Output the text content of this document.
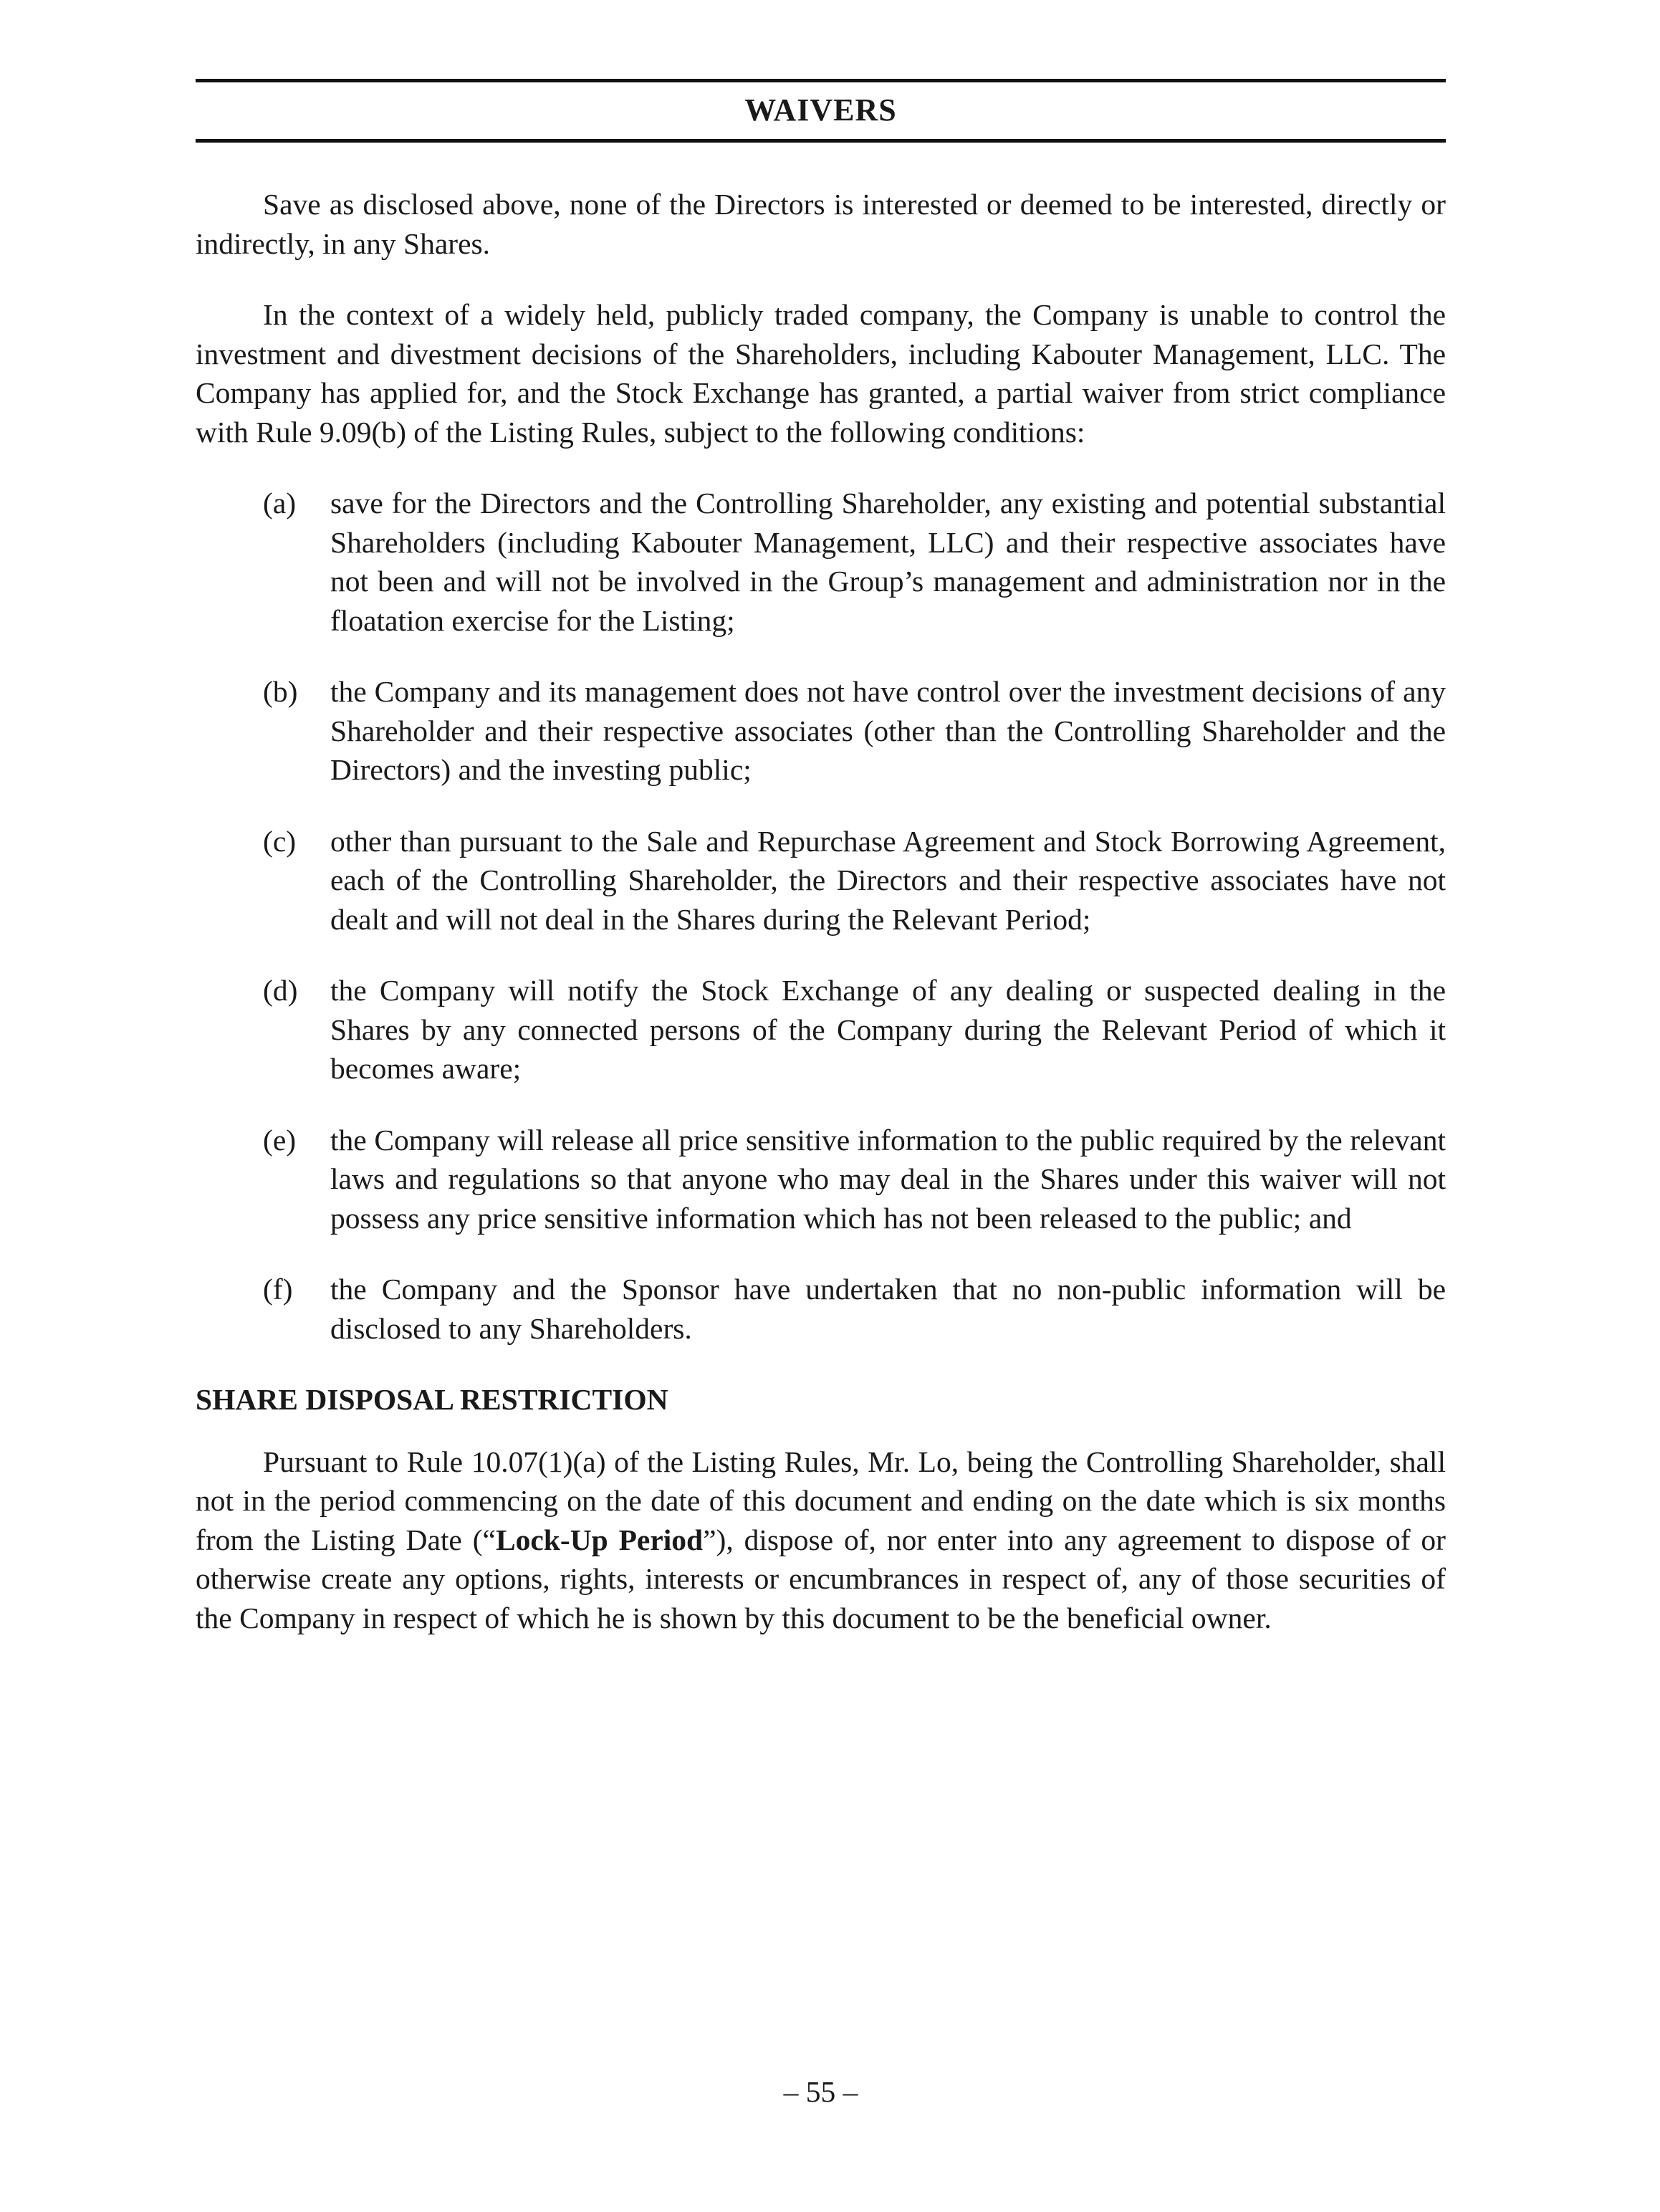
WAIVERS

Save as disclosed above, none of the Directors is interested or deemed to be interested, directly or indirectly, in any Shares.

In the context of a widely held, publicly traded company, the Company is unable to control the investment and divestment decisions of the Shareholders, including Kabouter Management, LLC. The Company has applied for, and the Stock Exchange has granted, a partial waiver from strict compliance with Rule 9.09(b) of the Listing Rules, subject to the following conditions:

(a)	save for the Directors and the Controlling Shareholder, any existing and potential substantial Shareholders (including Kabouter Management, LLC) and their respective associates have not been and will not be involved in the Group’s management and administration nor in the floatation exercise for the Listing;
(b)	the Company and its management does not have control over the investment decisions of any Shareholder and their respective associates (other than the Controlling Shareholder and the Directors) and the investing public;
(c)	other than pursuant to the Sale and Repurchase Agreement and Stock Borrowing Agreement, each of the Controlling Shareholder, the Directors and their respective associates have not dealt and will not deal in the Shares during the Relevant Period;
(d)	the Company will notify the Stock Exchange of any dealing or suspected dealing in the Shares by any connected persons of the Company during the Relevant Period of which it becomes aware;
(e)	the Company will release all price sensitive information to the public required by the relevant laws and regulations so that anyone who may deal in the Shares under this waiver will not possess any price sensitive information which has not been released to the public; and
(f)	the Company and the Sponsor have undertaken that no non-public information will be disclosed to any Shareholders.
SHARE DISPOSAL RESTRICTION

Pursuant to Rule 10.07(1)(a) of the Listing Rules, Mr. Lo, being the Controlling Shareholder, shall not in the period commencing on the date of this document and ending on the date which is six months from the Listing Date (“Lock-Up Period”), dispose of, nor enter into any agreement to dispose of or otherwise create any options, rights, interests or encumbrances in respect of, any of those securities of the Company in respect of which he is shown by this document to be the beneficial owner.

– 55 –
